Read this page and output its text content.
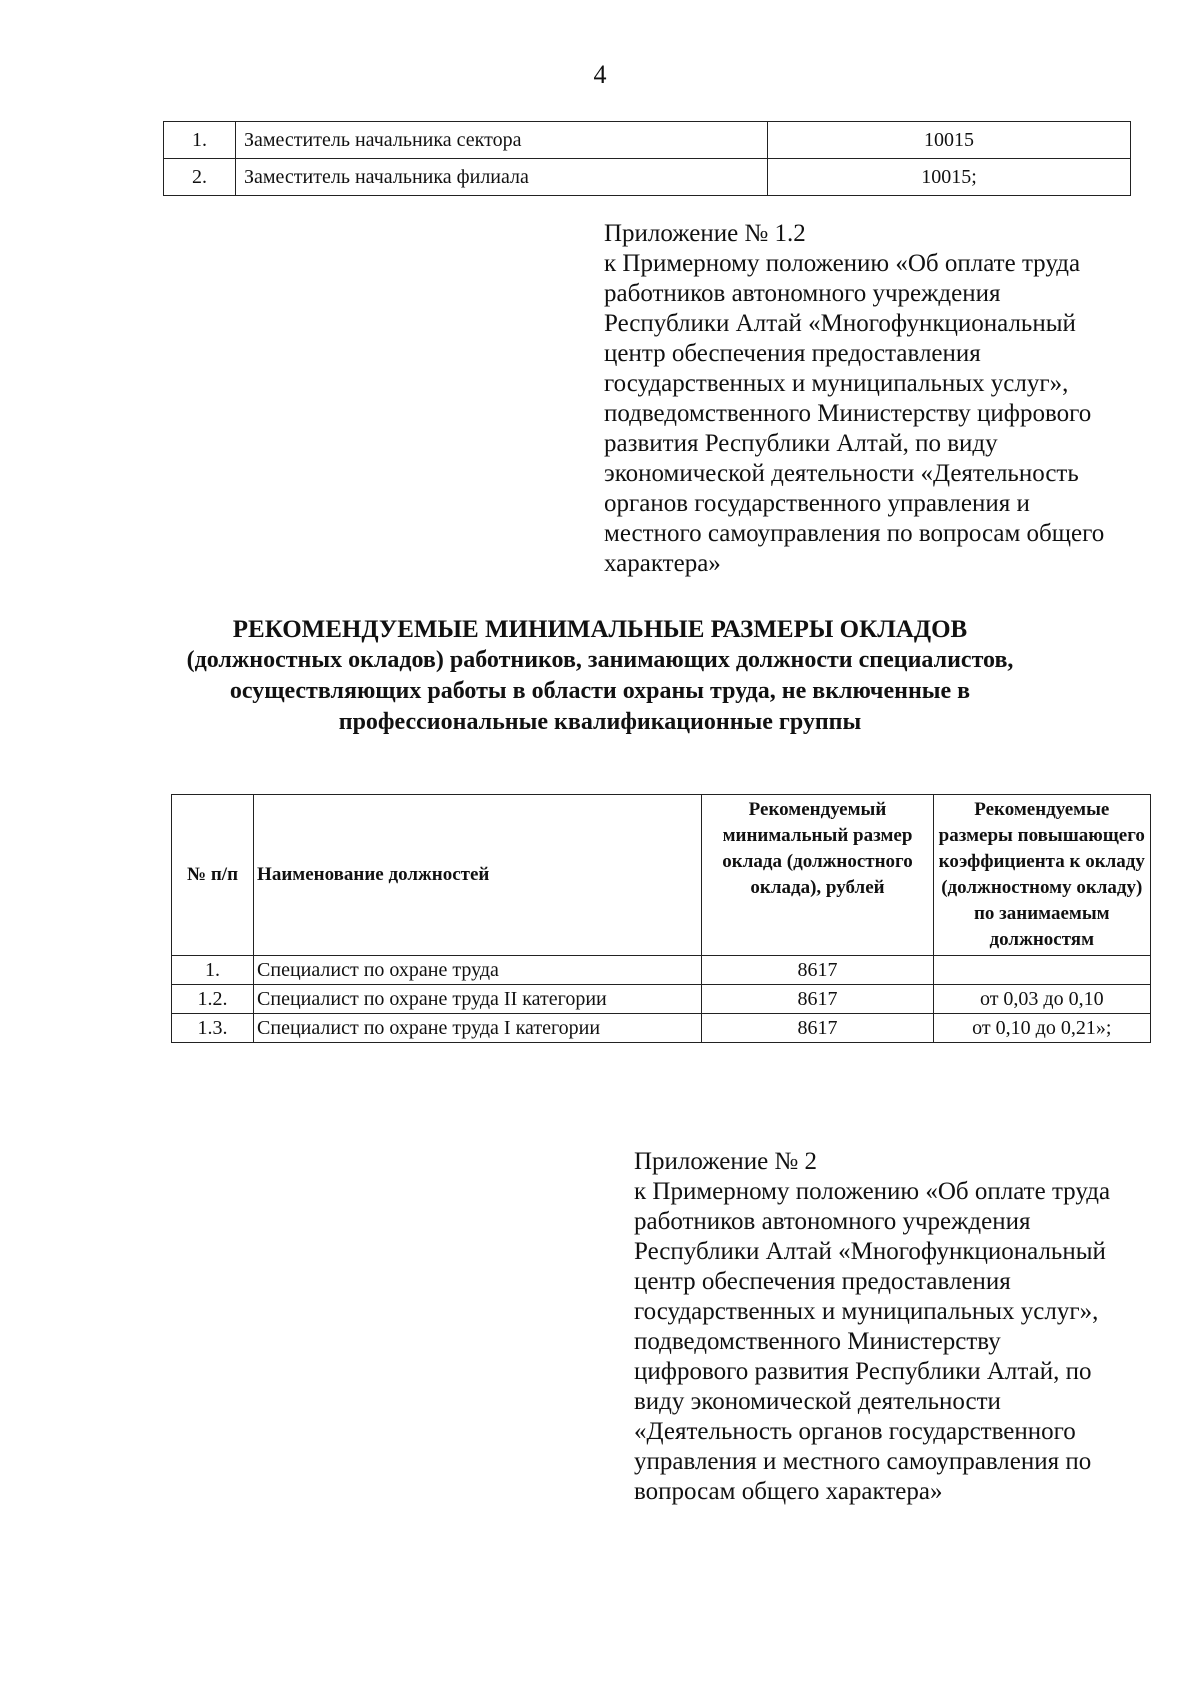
4
1.	Заместитель начальника сектора	10015
2.	Заместитель начальника филиала	10015;
Приложение № 1.2
к Примерному положению «Об оплате труда
работников автономного учреждения
Республики Алтай «Многофункциональный
центр обеспечения предоставления
государственных и муниципальных услуг»,
подведомственного Министерству цифрового
развития Республики Алтай, по виду
экономической деятельности «Деятельность
органов государственного управления и
местного самоуправления по вопросам общего
характера»
РЕКОМЕНДУЕМЫЕ МИНИМАЛЬНЫЕ РАЗМЕРЫ ОКЛАДОВ
(должностных окладов) работников, занимающих должности специалистов,
осуществляющих работы в области охраны труда, не включенные в
профессиональные квалификационные группы
№ п/п	Наименование должностей	Рекомендуемый минимальный размер оклада (должностного оклада), рублей	Рекомендуемые размеры повышающего коэффициента к окладу (должностному окладу) по занимаемым должностям
1.	Специалист по охране труда	8617	
1.2.	Специалист по охране труда II категории	8617	от 0,03 до 0,10
1.3.	Специалист по охране труда I категории	8617	от 0,10 до 0,21»;
Приложение № 2
к Примерному положению «Об оплате труда
работников автономного учреждения
Республики Алтай «Многофункциональный
центр обеспечения предоставления
государственных и муниципальных услуг»,
подведомственного Министерству
цифрового развития Республики Алтай, по
виду экономической деятельности
«Деятельность органов государственного
управления и местного самоуправления по
вопросам общего характера»
